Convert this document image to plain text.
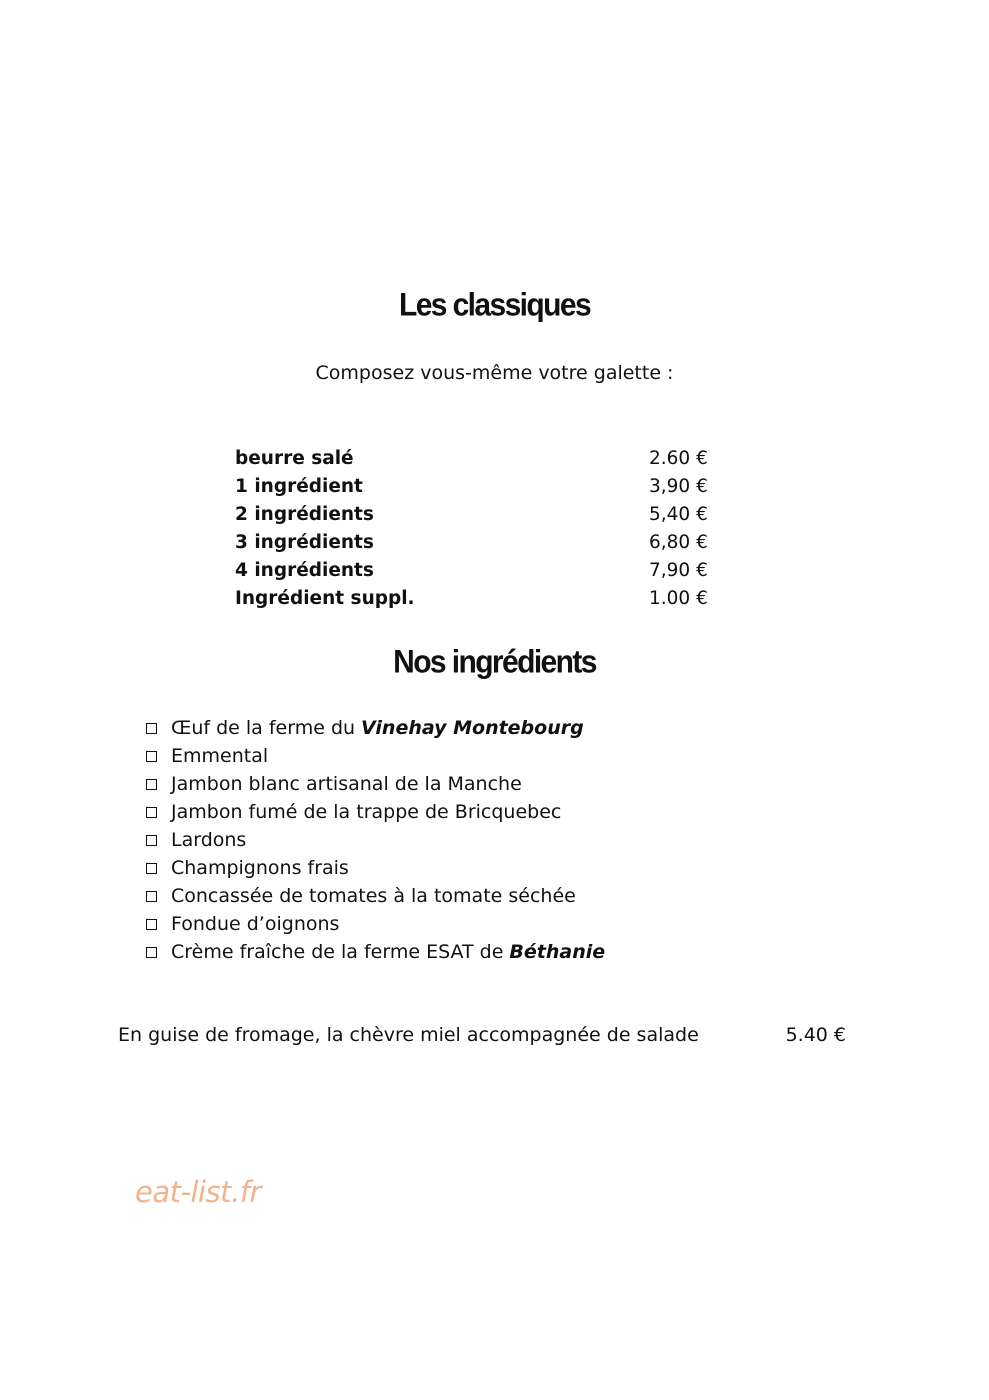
Les classiques
Composez vous-même votre galette :
beurre salé	2.60 €
1 ingrédient	3,90 €
2 ingrédients	5,40 €
3 ingrédients	6,80 €
4 ingrédients	7,90 €
Ingrédient suppl.	1.00 €
Nos ingrédients
Œuf de la ferme du Vinehay Montebourg
Emmental
Jambon blanc artisanal de la Manche
Jambon fumé de la trappe de Bricquebec
Lardons
Champignons frais
Concassée de tomates à la tomate séchée
Fondue d’oignons
Crème fraîche de la ferme ESAT de Béthanie
En guise de fromage, la chèvre miel accompagnée de salade	5.40 €
eat-list.fr
